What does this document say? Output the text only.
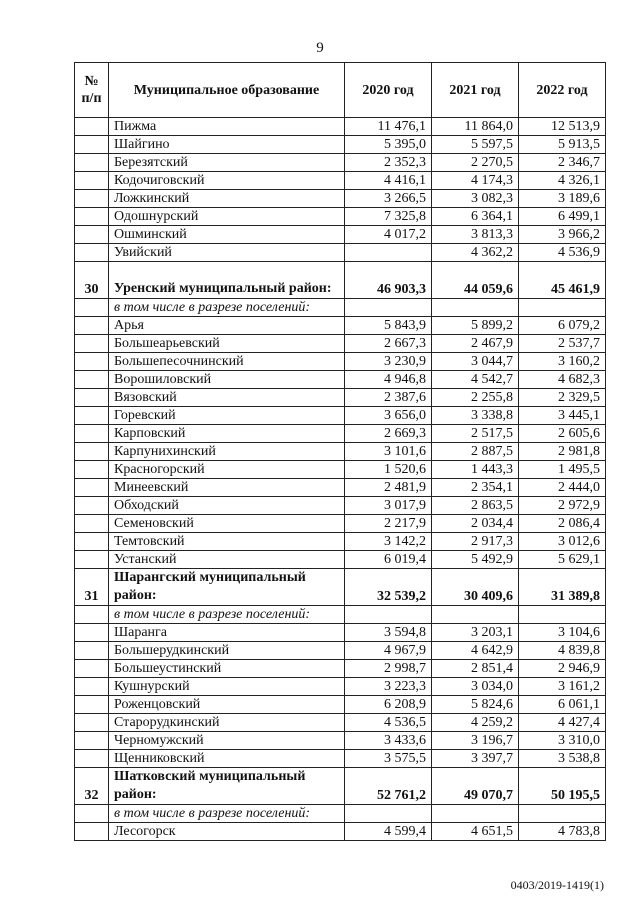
9
№ п/п	Муниципальное образование	2020 год	2021 год	2022 год
	Пижма	11 476,1	11 864,0	12 513,9
	Шайгино	5 395,0	5 597,5	5 913,5
	Березятский	2 352,3	2 270,5	2 346,7
	Кодочиговский	4 416,1	4 174,3	4 326,1
	Ложкинский	3 266,5	3 082,3	3 189,6
	Одошнурский	7 325,8	6 364,1	6 499,1
	Ошминский	4 017,2	3 813,3	3 966,2
	Увийский		4 362,2	4 536,9
30	Уренский муниципальный район:	46 903,3	44 059,6	45 461,9
	в том числе в разрезе поселений:			
	Арья	5 843,9	5 899,2	6 079,2
	Большеарьевский	2 667,3	2 467,9	2 537,7
	Большепесочнинский	3 230,9	3 044,7	3 160,2
	Ворошиловский	4 946,8	4 542,7	4 682,3
	Вязовский	2 387,6	2 255,8	2 329,5
	Горевский	3 656,0	3 338,8	3 445,1
	Карповский	2 669,3	2 517,5	2 605,6
	Карпунихинский	3 101,6	2 887,5	2 981,8
	Красногорский	1 520,6	1 443,3	1 495,5
	Минеевский	2 481,9	2 354,1	2 444,0
	Обходский	3 017,9	2 863,5	2 972,9
	Семеновский	2 217,9	2 034,4	2 086,4
	Темтовский	3 142,2	2 917,3	3 012,6
	Устанский	6 019,4	5 492,9	5 629,1
31	Шарангский муниципальный район:	32 539,2	30 409,6	31 389,8
	в том числе в разрезе поселений:			
	Шаранга	3 594,8	3 203,1	3 104,6
	Большерудкинский	4 967,9	4 642,9	4 839,8
	Большеустинский	2 998,7	2 851,4	2 946,9
	Кушнурский	3 223,3	3 034,0	3 161,2
	Роженцовский	6 208,9	5 824,6	6 061,1
	Старорудкинский	4 536,5	4 259,2	4 427,4
	Черномужский	3 433,6	3 196,7	3 310,0
	Щенниковский	3 575,5	3 397,7	3 538,8
32	Шатковский муниципальный район:	52 761,2	49 070,7	50 195,5
	в том числе в разрезе поселений:			
	Лесогорск	4 599,4	4 651,5	4 783,8
0403/2019-1419(1)
